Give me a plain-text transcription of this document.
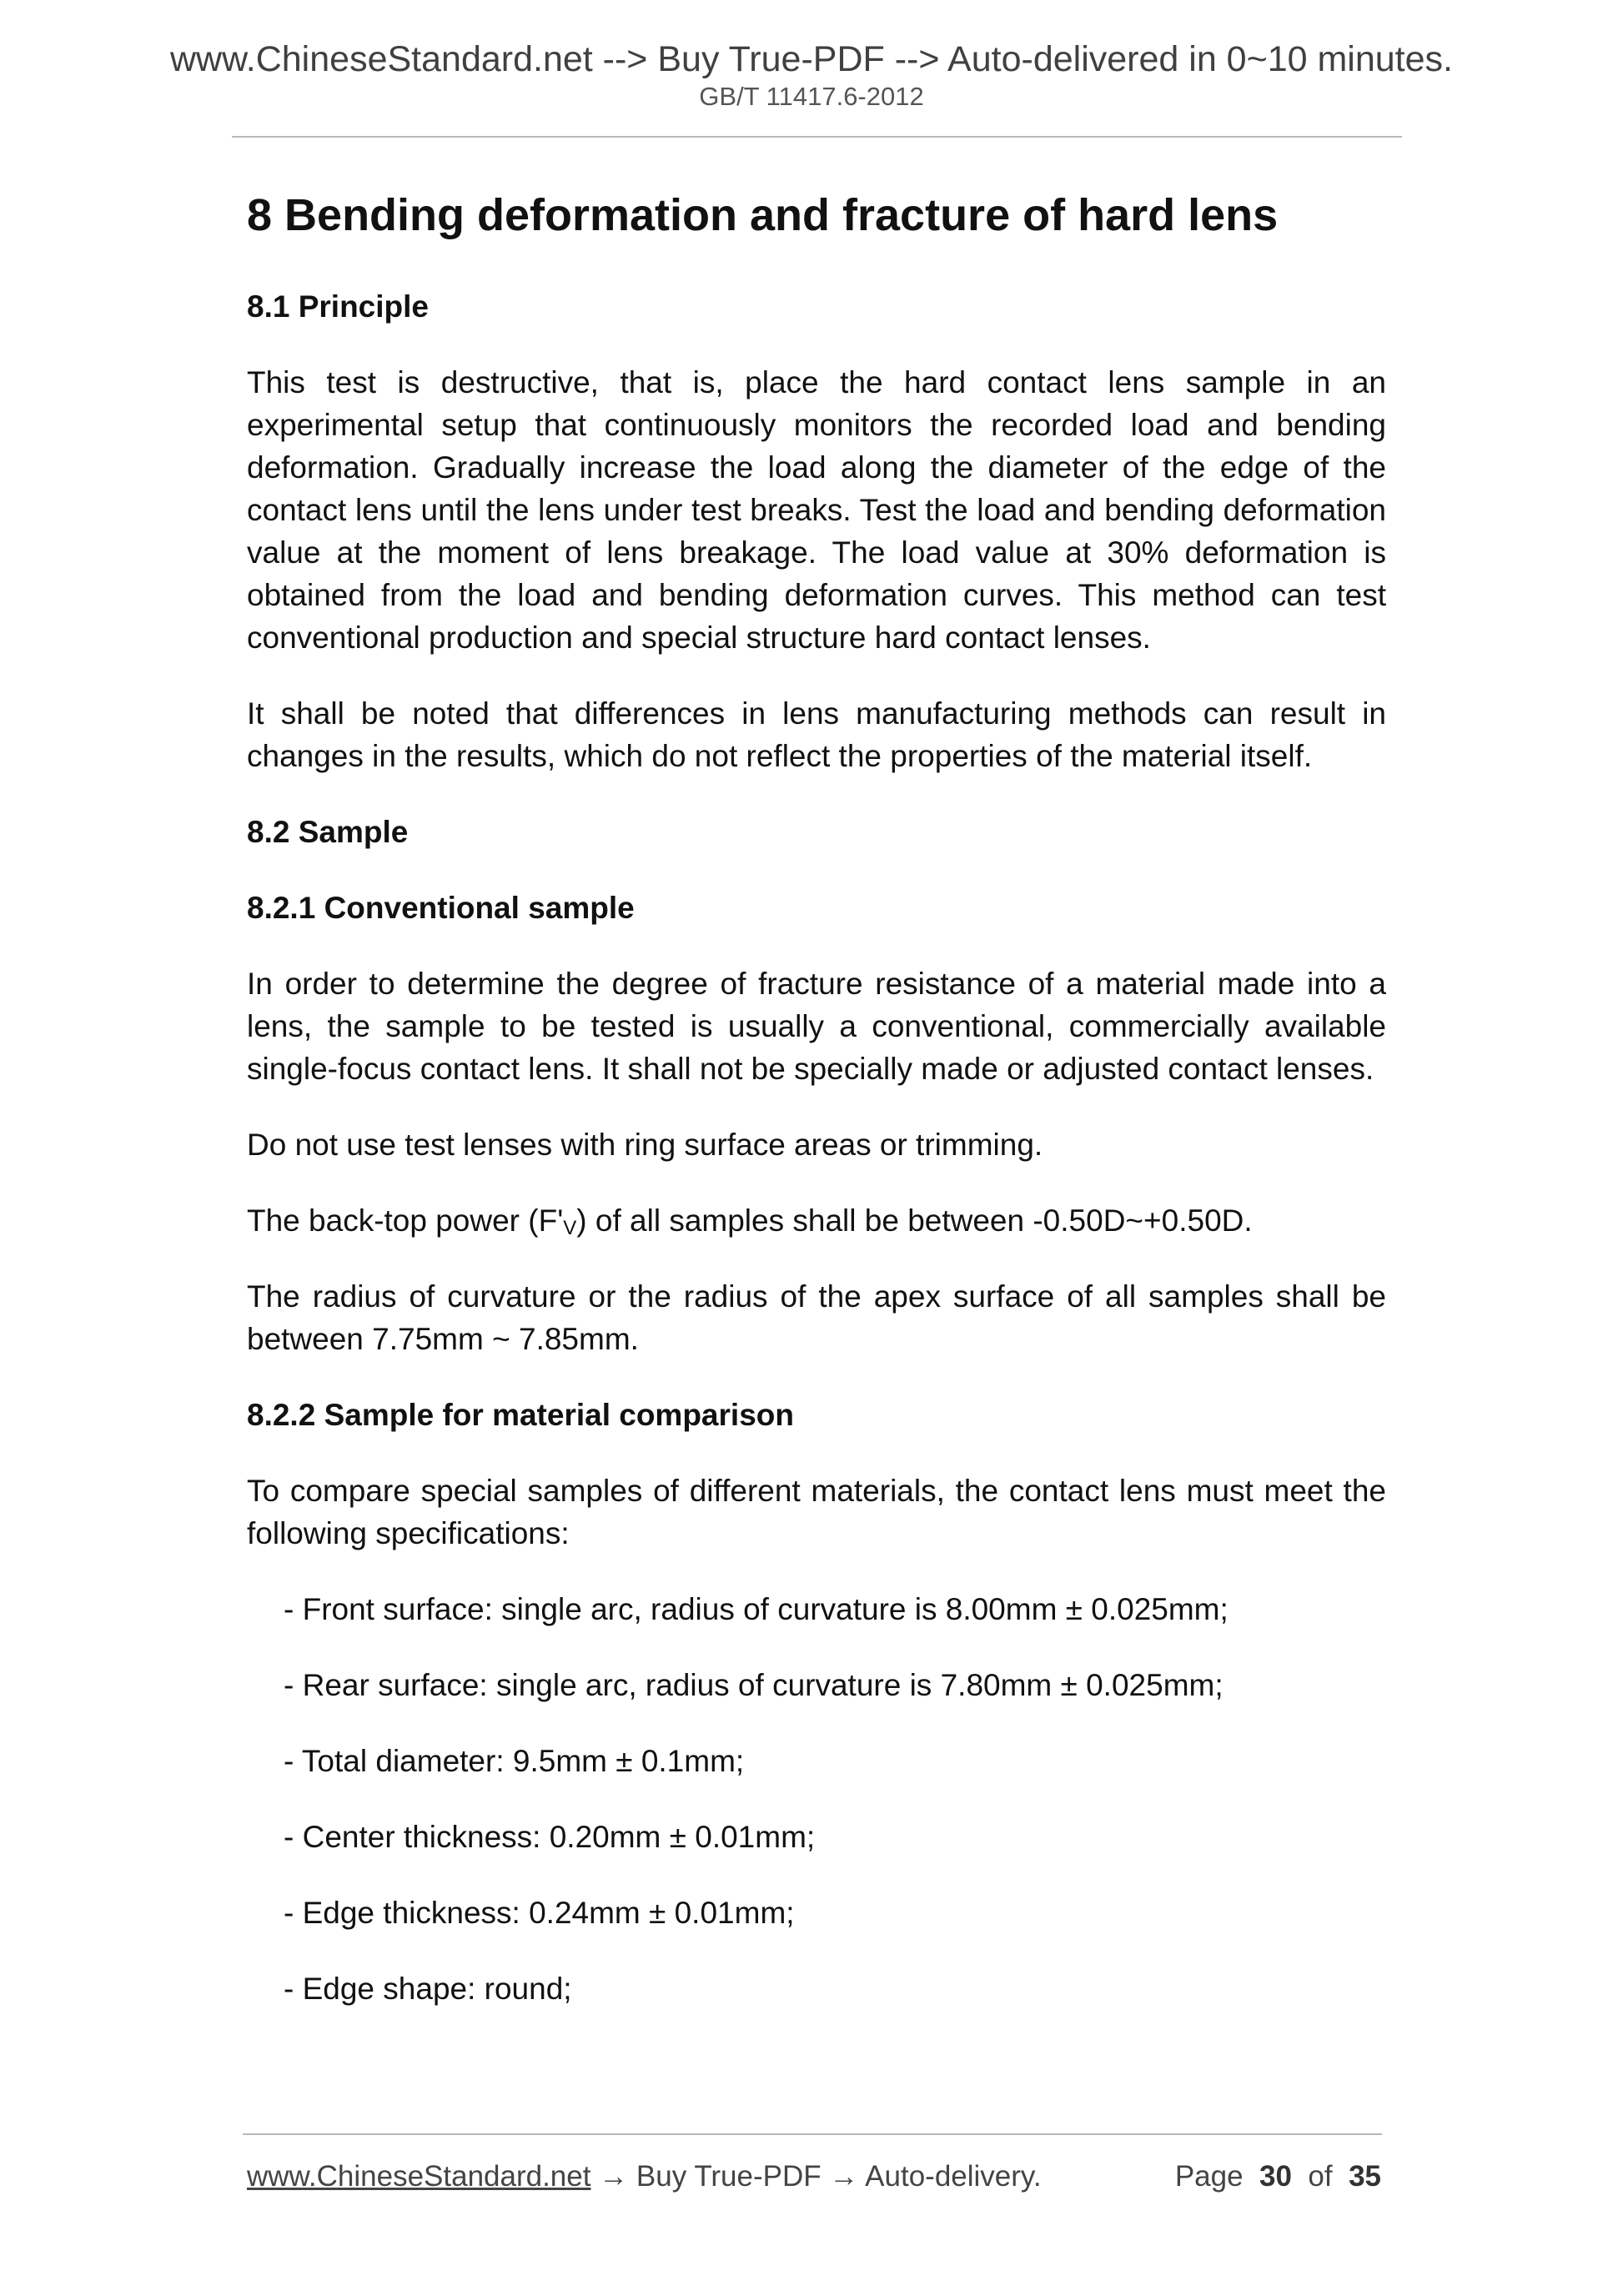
www.ChineseStandard.net --> Buy True-PDF --> Auto-delivered in 0~10 minutes.
GB/T 11417.6-2012
8 Bending deformation and fracture of hard lens
8.1 Principle

This test is destructive, that is, place the hard contact lens sample in an experimental setup that continuously monitors the recorded load and bending deformation. Gradually increase the load along the diameter of the edge of the contact lens until the lens under test breaks. Test the load and bending deformation value at the moment of lens breakage. The load value at 30% deformation is obtained from the load and bending deformation curves. This method can test conventional production and special structure hard contact lenses.

It shall be noted that differences in lens manufacturing methods can result in changes in the results, which do not reflect the properties of the material itself.

8.2 Sample
8.2.1 Conventional sample

In order to determine the degree of fracture resistance of a material made into a lens, the sample to be tested is usually a conventional, commercially available single-focus contact lens. It shall not be specially made or adjusted contact lenses.

Do not use test lenses with ring surface areas or trimming.

The back-top power $(F'_V)$ of all samples shall be between -0.50D~+0.50D.

The radius of curvature or the radius of the apex surface of all samples shall be between 7.75mm ~ 7.85mm.

8.2.2 Sample for material comparison

To compare special samples of different materials, the contact lens must meet the following specifications:

- Front surface: single arc, radius of curvature is 8.00mm ± 0.025mm;
- Rear surface: single arc, radius of curvature is 7.80mm ± 0.025mm;
- Total diameter: 9.5mm ± 0.1mm;
- Center thickness: 0.20mm ± 0.01mm;
- Edge thickness: 0.24mm ± 0.01mm;
- Edge shape: round;
www.ChineseStandard.net → Buy True-PDF → Auto-delivery.	Page 30 of 35
